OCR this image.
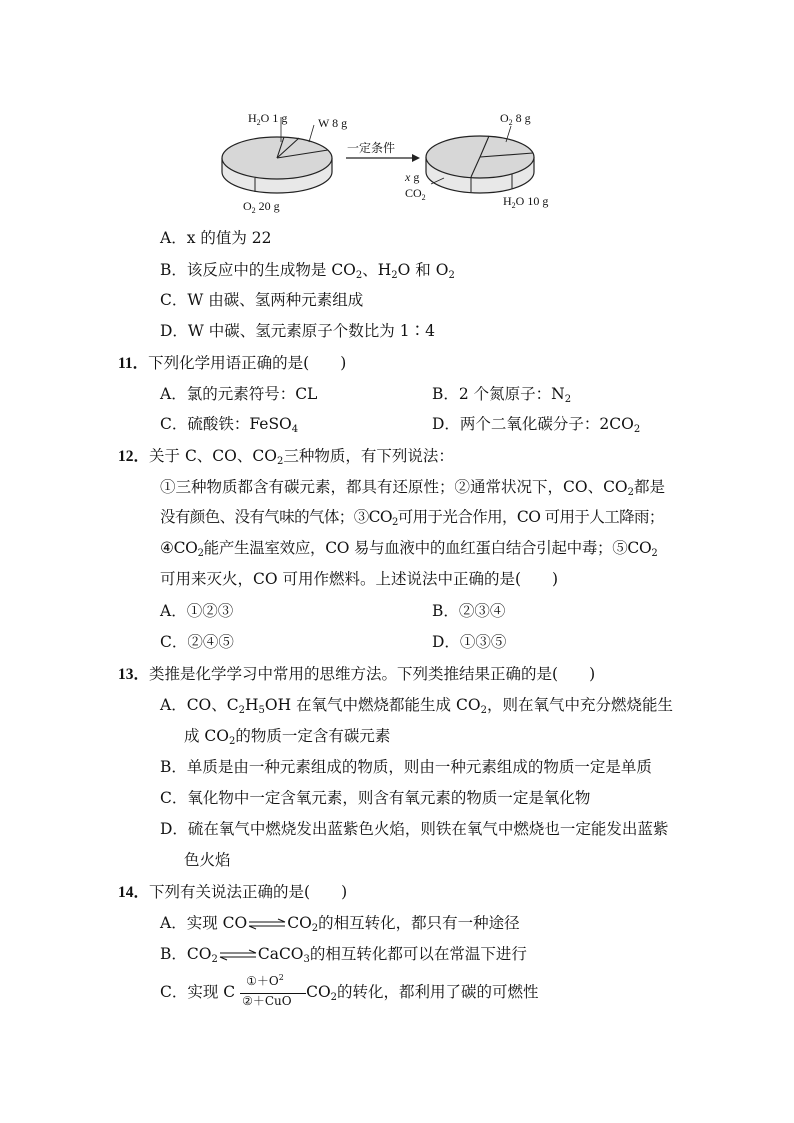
$H_2O$ 1 g	W 8 g
$O_2$ 20 g
一定条件
$O_2$ 8 g
x g
$CO_2$	$H_2O$ 10 g
A．x 的值为 22
B．该反应中的生成物是 $CO_2$、$H_2O$ 和 $O_2$
C．W 由碳、氢两种元素组成
D．W 中碳、氢元素原子个数比为 1∶4
11．下列化学用语正确的是(　　)
A．氯的元素符号：CL	B．2 个氮原子：$N_2$
C．硫酸铁：FeSO$_4$	D．两个二氧化碳分子：$2CO_2$
12．关于 C、CO、$CO_2$三种物质，有下列说法：
①三种物质都含有碳元素，都具有还原性；②通常状况下，CO、$CO_2$都是
没有颜色、没有气味的气体；$③CO_2$可用于光合作用，CO 可用于人工降雨；
$④CO_2$能产生温室效应，CO 易与血液中的血红蛋白结合引起中毒；$⑤CO_2$
可用来灭火，CO 可用作燃料。上述说法中正确的是(　　)
A．①②③	B．②③④
C．②④⑤	D．①③⑤
13．类推是化学学习中常用的思维方法。下列类推结果正确的是(　　)
A．CO、$C_2H_5OH$ 在氧气中燃烧都能生成 $CO_2$，则在氧气中充分燃烧能生
成 $CO_2$的物质一定含有碳元素
B．单质是由一种元素组成的物质，则由一种元素组成的物质一定是单质
C．氧化物中一定含氧元素，则含有氧元素的物质一定是氧化物
D．硫在氧气中燃烧发出蓝紫色火焰，则铁在氧气中燃烧也一定能发出蓝紫
色火焰
14．下列有关说法正确的是(　　)
A．实现 $CO\rightleftharpoons CO_2$的相互转化，都只有一种途径
B．$CO_2\rightleftharpoons CaCO_3$的相互转化都可以在常温下进行
C．实现 C
$①+O^2$
②＋CuO $CO_2$的转化，都利用了碳的可燃性
